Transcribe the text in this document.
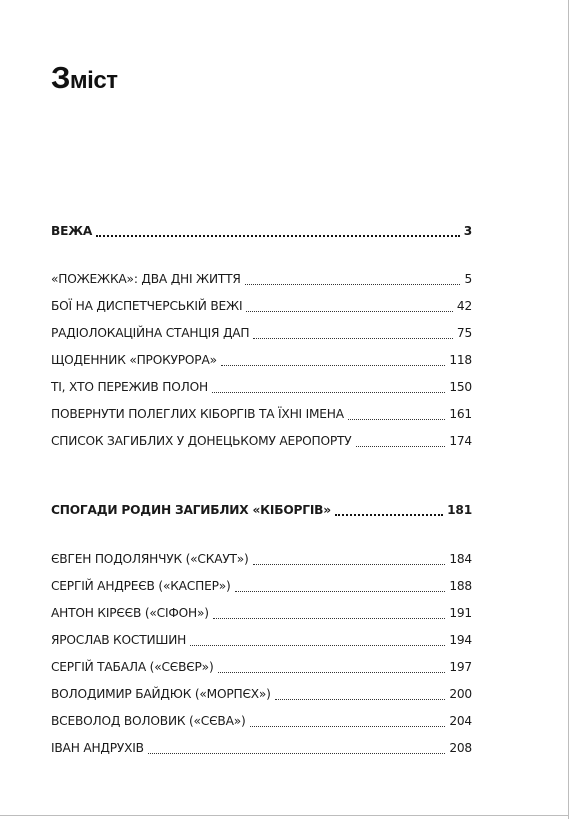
Зміст
ВЕЖА	3
«ПОЖЕЖКА»: ДВА ДНІ ЖИТТЯ	5
БОЇ НА ДИСПЕТЧЕРСЬКІЙ ВЕЖІ	42
РАДІОЛОКАЦІЙНА СТАНЦІЯ ДАП	75
ЩОДЕННИК «ПРОКУРОРА»	118
ТІ, ХТО ПЕРЕЖИВ ПОЛОН	150
ПОВЕРНУТИ ПОЛЕГЛИХ КІБОРГІВ ТА ЇХНІ ІМЕНА	161
СПИСОК ЗАГИБЛИХ У ДОНЕЦЬКОМУ АЕРОПОРТУ	174
СПОГАДИ РОДИН ЗАГИБЛИХ «КІБОРГІВ»	181
ЄВГЕН ПОДОЛЯНЧУК («СКАУТ»)	184
СЕРГІЙ АНДРЕЄВ («КАСПЕР»)	188
АНТОН КІРЄЄВ («СІФОН»)	191
ЯРОСЛАВ КОСТИШИН	194
СЕРГІЙ ТАБАЛА («СЄВЄР»)	197
ВОЛОДИМИР БАЙДЮК («МОРПЄХ»)	200
ВСЕВОЛОД ВОЛОВИК («СЄВА»)	204
ІВАН АНДРУХІВ	208
